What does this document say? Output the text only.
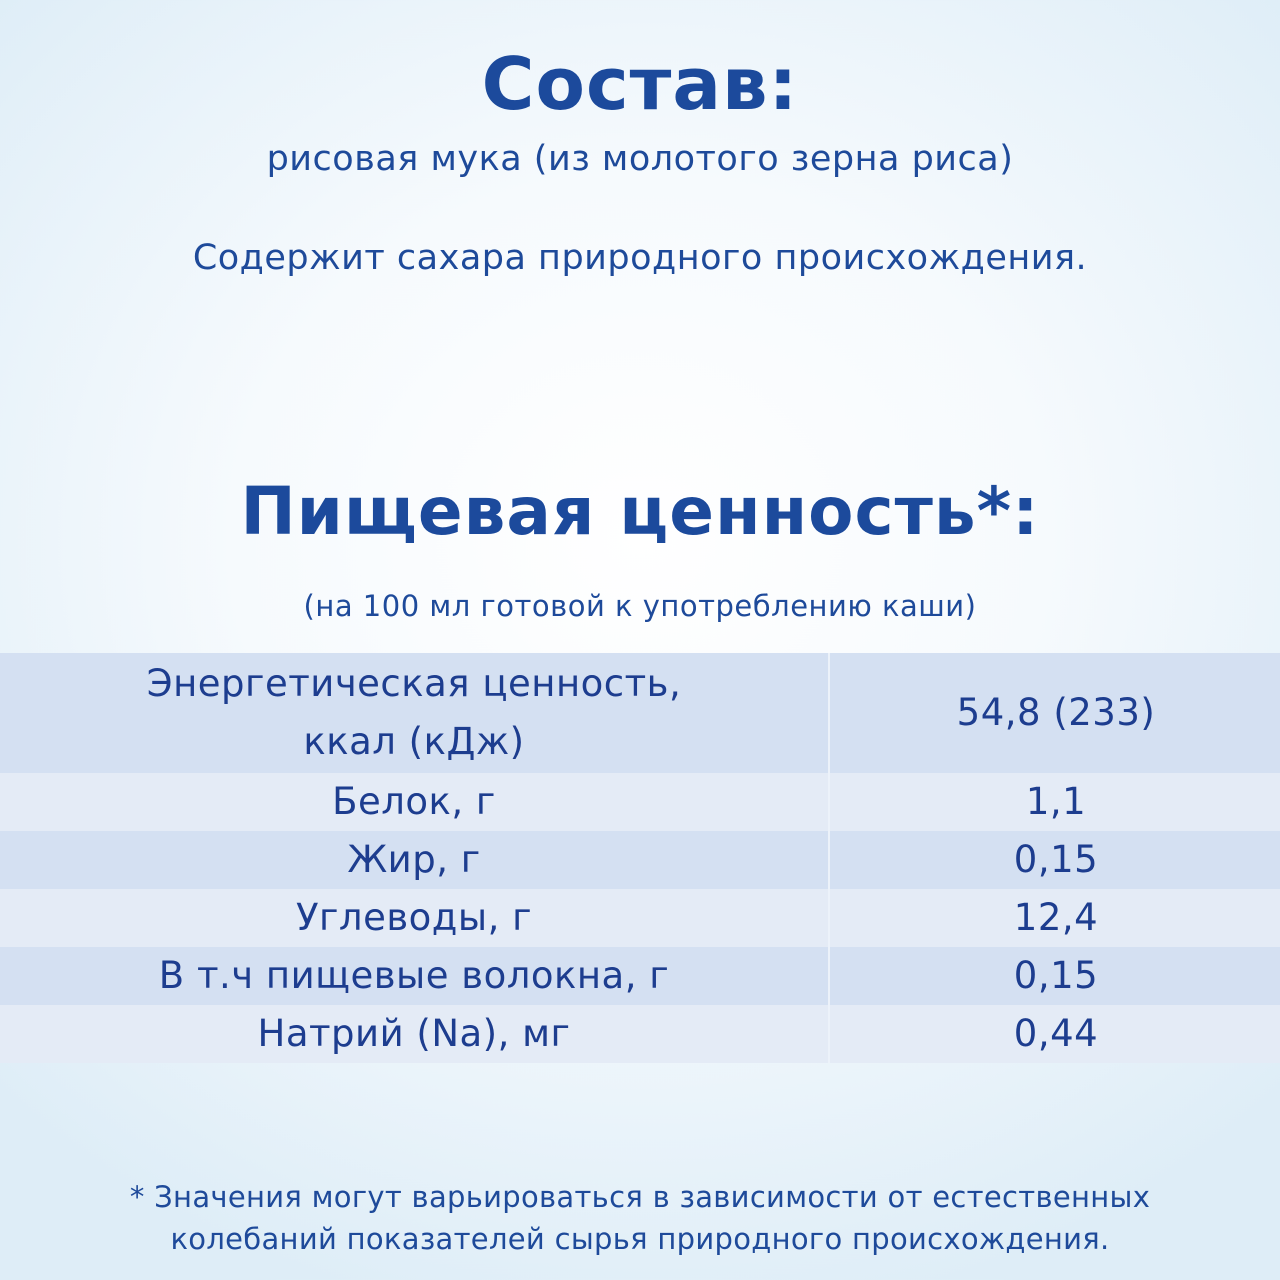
Состав:

рисовая мука (из молотого зерна риса)

Содержит сахара природного происхождения.

Пищевая ценность*:

(на 100 мл готовой к употреблению каши)

Энергетическая ценность,
ккал (кДж)	54,8 (233)
Белок, г	1,1
Жир, г	0,15
Углеводы, г	12,4
В т.ч пищевые волокна, г	0,15
Натрий (Na), мг	0,44

* Значения могут варьироваться в зависимости от естественных
колебаний показателей сырья природного происхождения.
